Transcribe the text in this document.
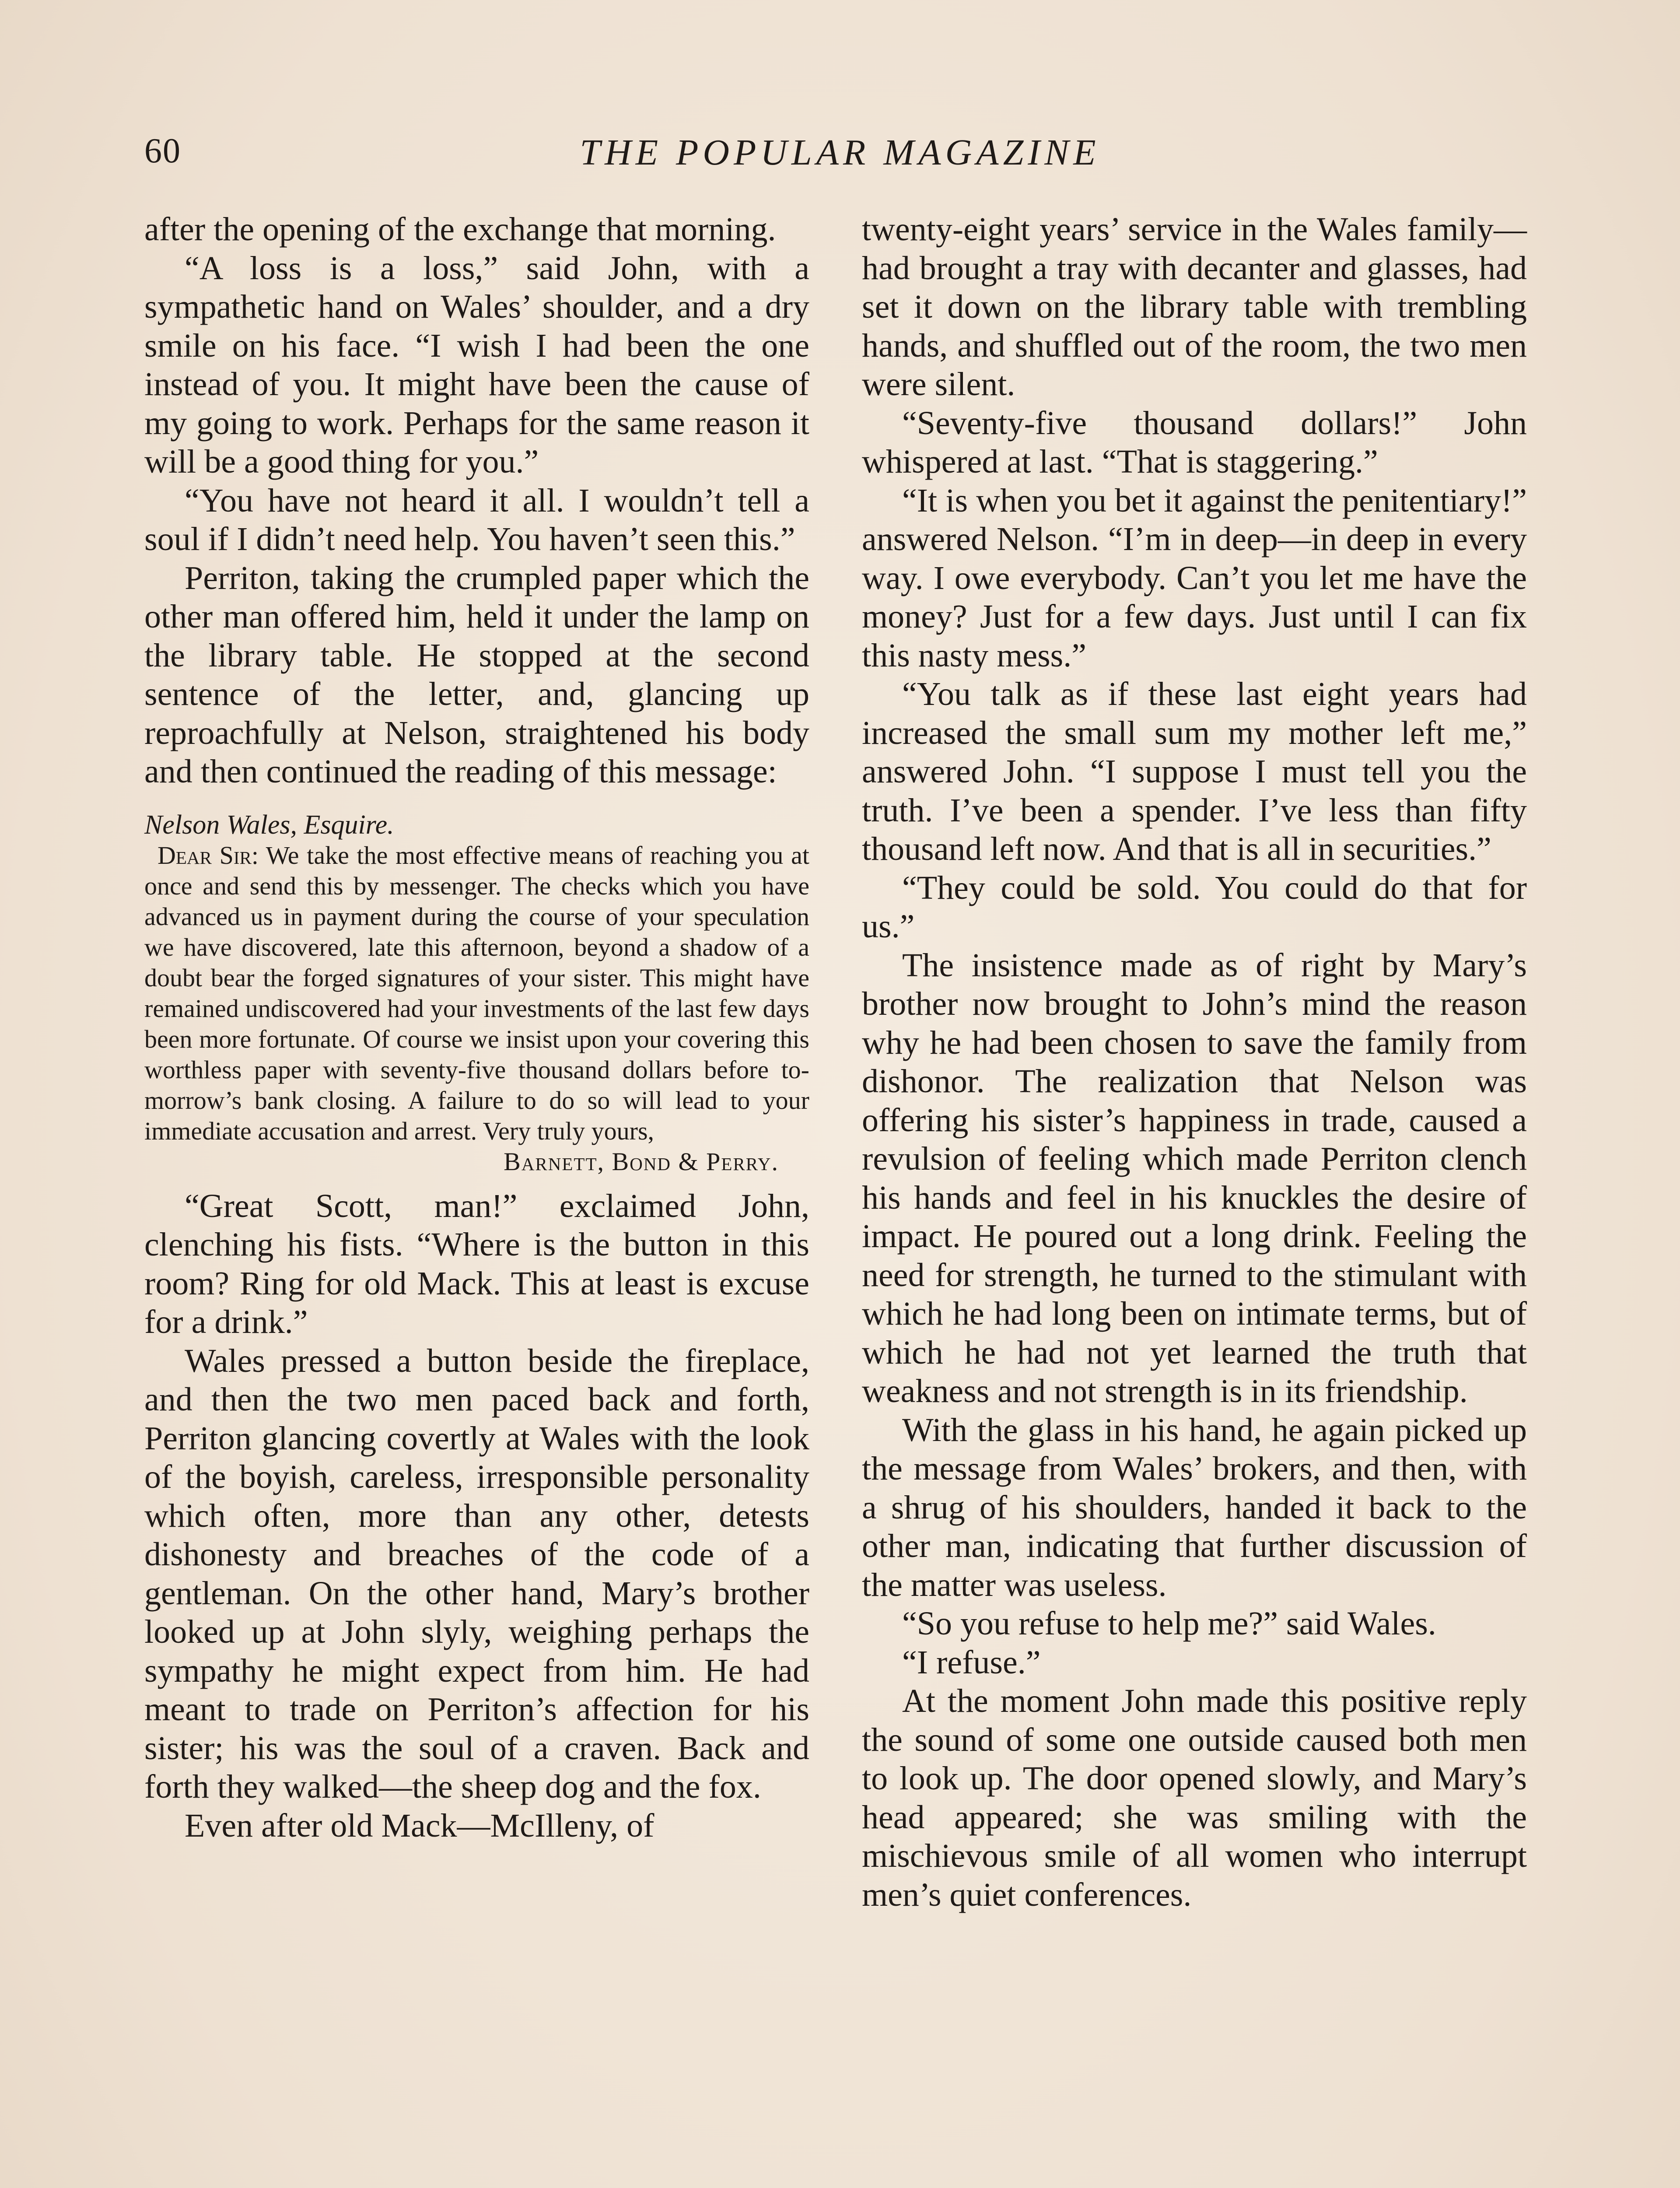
60	THE POPULAR MAGAZINE

after the opening of the exchange that morning.

“A loss is a loss,” said John, with a sympathetic hand on Wales’ shoulder, and a dry smile on his face. “I wish I had been the one instead of you. It might have been the cause of my going to work. Perhaps for the same reason it will be a good thing for you.”

“You have not heard it all. I wouldn’t tell a soul if I didn’t need help. You haven’t seen this.”

Perriton, taking the crumpled paper which the other man offered him, held it under the lamp on the library table. He stopped at the second sentence of the letter, and, glancing up reproachfully at Nelson, straightened his body and then continued the reading of this message:

Nelson Wales, Esquire.
Dear Sir: We take the most effective means of reaching you at once and send this by messenger. The checks which you have advanced us in payment during the course of your speculation we have discovered, late this afternoon, beyond a shadow of a doubt bear the forged signatures of your sister. This might have remained undiscovered had your investments of the last few days been more fortunate. Of course we insist upon your covering this worthless paper with seventy-five thousand dollars before to-morrow’s bank closing. A failure to do so will lead to your immediate accusation and arrest. Very truly yours,
Barnett, Bond & Perry.

“Great Scott, man!” exclaimed John, clenching his fists. “Where is the button in this room? Ring for old Mack. This at least is excuse for a drink.”

Wales pressed a button beside the fireplace, and then the two men paced back and forth, Perriton glancing covertly at Wales with the look of the boyish, careless, irresponsible personality which often, more than any other, detests dishonesty and breaches of the code of a gentleman. On the other hand, Mary’s brother looked up at John slyly, weighing perhaps the sympathy he might expect from him. He had meant to trade on Perriton’s affection for his sister; his was the soul of a craven. Back and forth they walked—the sheep dog and the fox.

Even after old Mack—McIlleny, of

twenty-eight years’ service in the Wales family—had brought a tray with decanter and glasses, had set it down on the library table with trembling hands, and shuffled out of the room, the two men were silent.

“Seventy-five thousand dollars!” John whispered at last. “That is staggering.”

“It is when you bet it against the penitentiary!” answered Nelson. “I’m in deep—in deep in every way. I owe everybody. Can’t you let me have the money? Just for a few days. Just until I can fix this nasty mess.”

“You talk as if these last eight years had increased the small sum my mother left me,” answered John. “I suppose I must tell you the truth. I’ve been a spender. I’ve less than fifty thousand left now. And that is all in securities.”

“They could be sold. You could do that for us.”

The insistence made as of right by Mary’s brother now brought to John’s mind the reason why he had been chosen to save the family from dishonor. The realization that Nelson was offering his sister’s happiness in trade, caused a revulsion of feeling which made Perriton clench his hands and feel in his knuckles the desire of impact. He poured out a long drink. Feeling the need for strength, he turned to the stimulant with which he had long been on intimate terms, but of which he had not yet learned the truth that weakness and not strength is in its friendship.

With the glass in his hand, he again picked up the message from Wales’ brokers, and then, with a shrug of his shoulders, handed it back to the other man, indicating that further discussion of the matter was useless.

“So you refuse to help me?” said Wales.

“I refuse.”

At the moment John made this positive reply the sound of some one outside caused both men to look up. The door opened slowly, and Mary’s head appeared; she was smiling with the mischievous smile of all women who interrupt men’s quiet conferences.
